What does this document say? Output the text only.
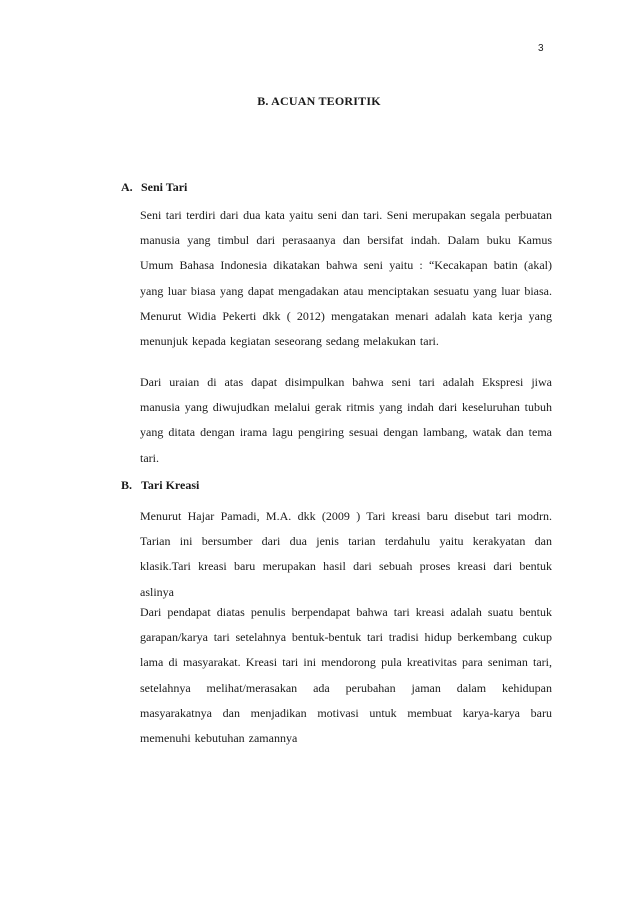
3
B. ACUAN TEORITIK
A. Seni Tari

Seni tari terdiri dari dua kata yaitu seni dan tari. Seni merupakan segala perbuatan manusia yang timbul dari perasaanya dan bersifat indah. Dalam buku Kamus Umum Bahasa Indonesia dikatakan bahwa seni yaitu : “Kecakapan batin (akal) yang luar biasa yang dapat mengadakan atau menciptakan sesuatu yang luar biasa. Menurut Widia Pekerti dkk ( 2012) mengatakan menari adalah kata kerja yang menunjuk kepada kegiatan seseorang sedang melakukan tari.

Dari uraian di atas dapat disimpulkan bahwa seni tari adalah Ekspresi jiwa manusia yang diwujudkan melalui gerak ritmis yang indah dari keseluruhan tubuh yang ditata dengan irama lagu pengiring sesuai dengan lambang, watak dan tema tari.

B. Tari Kreasi

Menurut Hajar Pamadi, M.A. dkk (2009 ) Tari kreasi baru disebut tari modrn. Tarian ini bersumber dari dua jenis tarian terdahulu yaitu kerakyatan dan klasik.Tari kreasi baru merupakan hasil dari sebuah proses kreasi dari bentuk aslinya

Dari pendapat diatas penulis berpendapat bahwa tari kreasi adalah suatu bentuk garapan/karya tari setelahnya bentuk-bentuk tari tradisi hidup berkembang cukup lama di masyarakat. Kreasi tari ini mendorong pula kreativitas para seniman tari, setelahnya melihat/merasakan ada perubahan jaman dalam kehidupan masyarakatnya dan menjadikan motivasi untuk membuat karya-karya baru memenuhi kebutuhan zamannya
